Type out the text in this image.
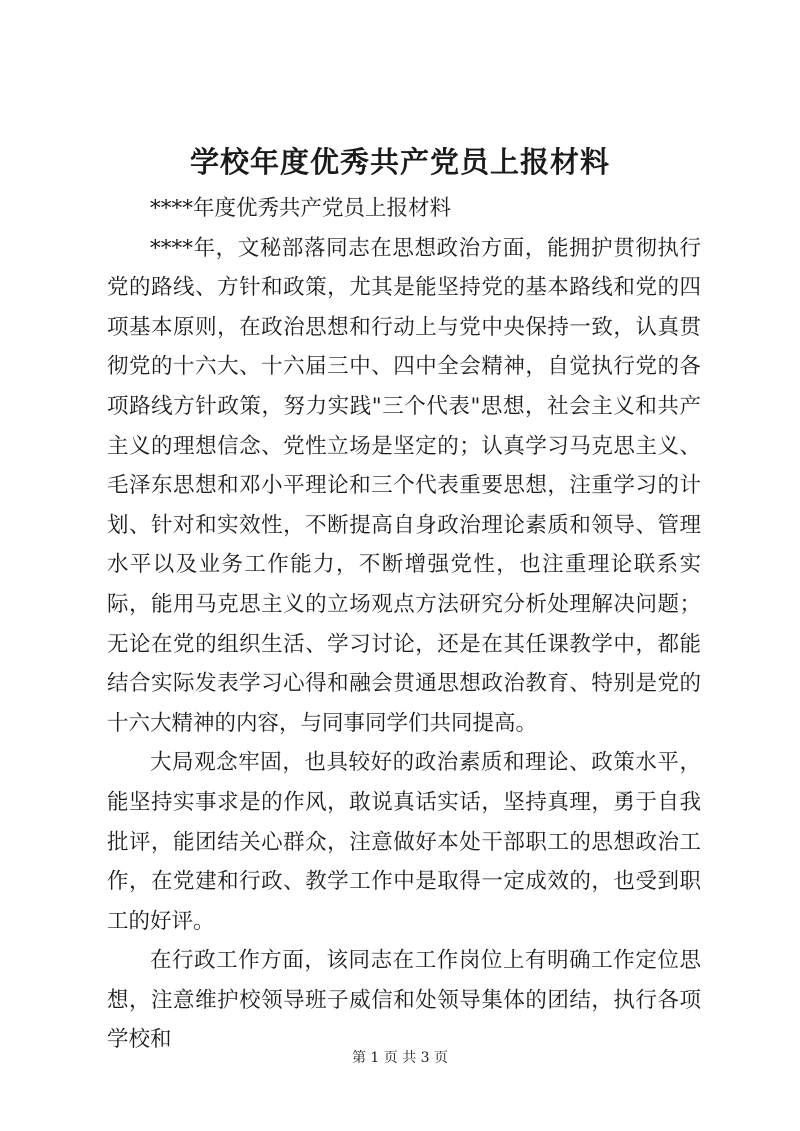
学校年度优秀共产党员上报材料

****年度优秀共产党员上报材料

****年，文秘部落同志在思想政治方面，能拥护贯彻执行党的路线、方针和政策，尤其是能坚持党的基本路线和党的四项基本原则，在政治思想和行动上与党中央保持一致，认真贯彻党的十六大、十六届三中、四中全会精神，自觉执行党的各项路线方针政策，努力实践"三个代表"思想，社会主义和共产主义的理想信念、党性立场是坚定的；认真学习马克思主义、毛泽东思想和邓小平理论和三个代表重要思想，注重学习的计划、针对和实效性，不断提高自身政治理论素质和领导、管理水平以及业务工作能力，不断增强党性，也注重理论联系实际，能用马克思主义的立场观点方法研究分析处理解决问题；无论在党的组织生活、学习讨论，还是在其任课教学中，都能结合实际发表学习心得和融会贯通思想政治教育、特别是党的十六大精神的内容，与同事同学们共同提高。

大局观念牢固，也具较好的政治素质和理论、政策水平，能坚持实事求是的作风，敢说真话实话，坚持真理，勇于自我批评，能团结关心群众，注意做好本处干部职工的思想政治工作，在党建和行政、教学工作中是取得一定成效的，也受到职工的好评。

在行政工作方面，该同志在工作岗位上有明确工作定位思想，注意维护校领导班子威信和处领导集体的团结，执行各项学校和

第 1 页 共 3 页
